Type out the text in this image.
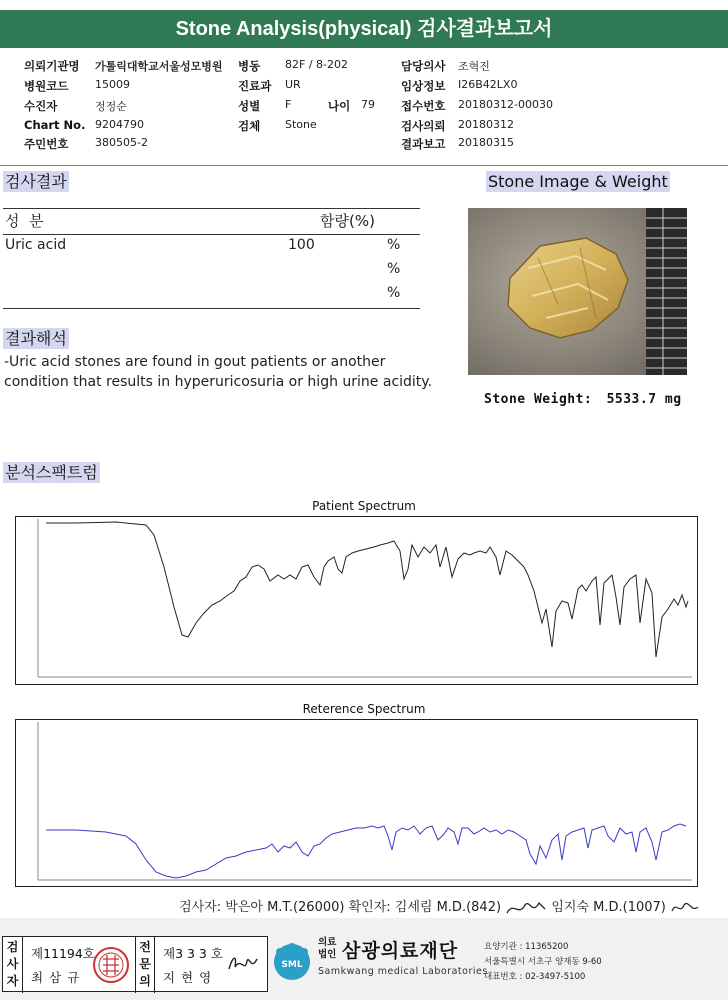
Stone Analysis(physical) 검사결과보고서
의뢰기관명 가톨릭대학교서울성모병원 병동 82F / 8-202	담당의사 조혁진
병원코드 15009	진료과 UR	임상정보 I26B42LX0
수진자	정정순	성별 F	나이 79 접수번호 20180312-00030
Chart No. 9204790	검체 Stone	검사의뢰 20180312
주민번호 380505-2	결과보고 20180315
검사결과
성  분	함량(%)
Uric acid	100	%
%
%
결과해석
-Uric acid stones are found in gout patients or another condition that results in hyperuricosuria or high urine acidity.
Stone Image & Weight
Stone Weight: 5533.7 mg
분석스팩트럼
Patient Spectrum
-
Reterence Spectrum
검사자: 박은아 M.T.(26000) 확인자: 김세림 M.D.(842)	임지숙 M.D.(1007)
검사자
제11194호
최 삼 규
전문의
제3 3 3 호
지 현 영
SML
의료
법인 삼광의료재단
Samkwang medical Laboratories
요양기관 : 11365200
서울특별시 서초구 양재동 9-60
대표번호 : 02-3497-5100
